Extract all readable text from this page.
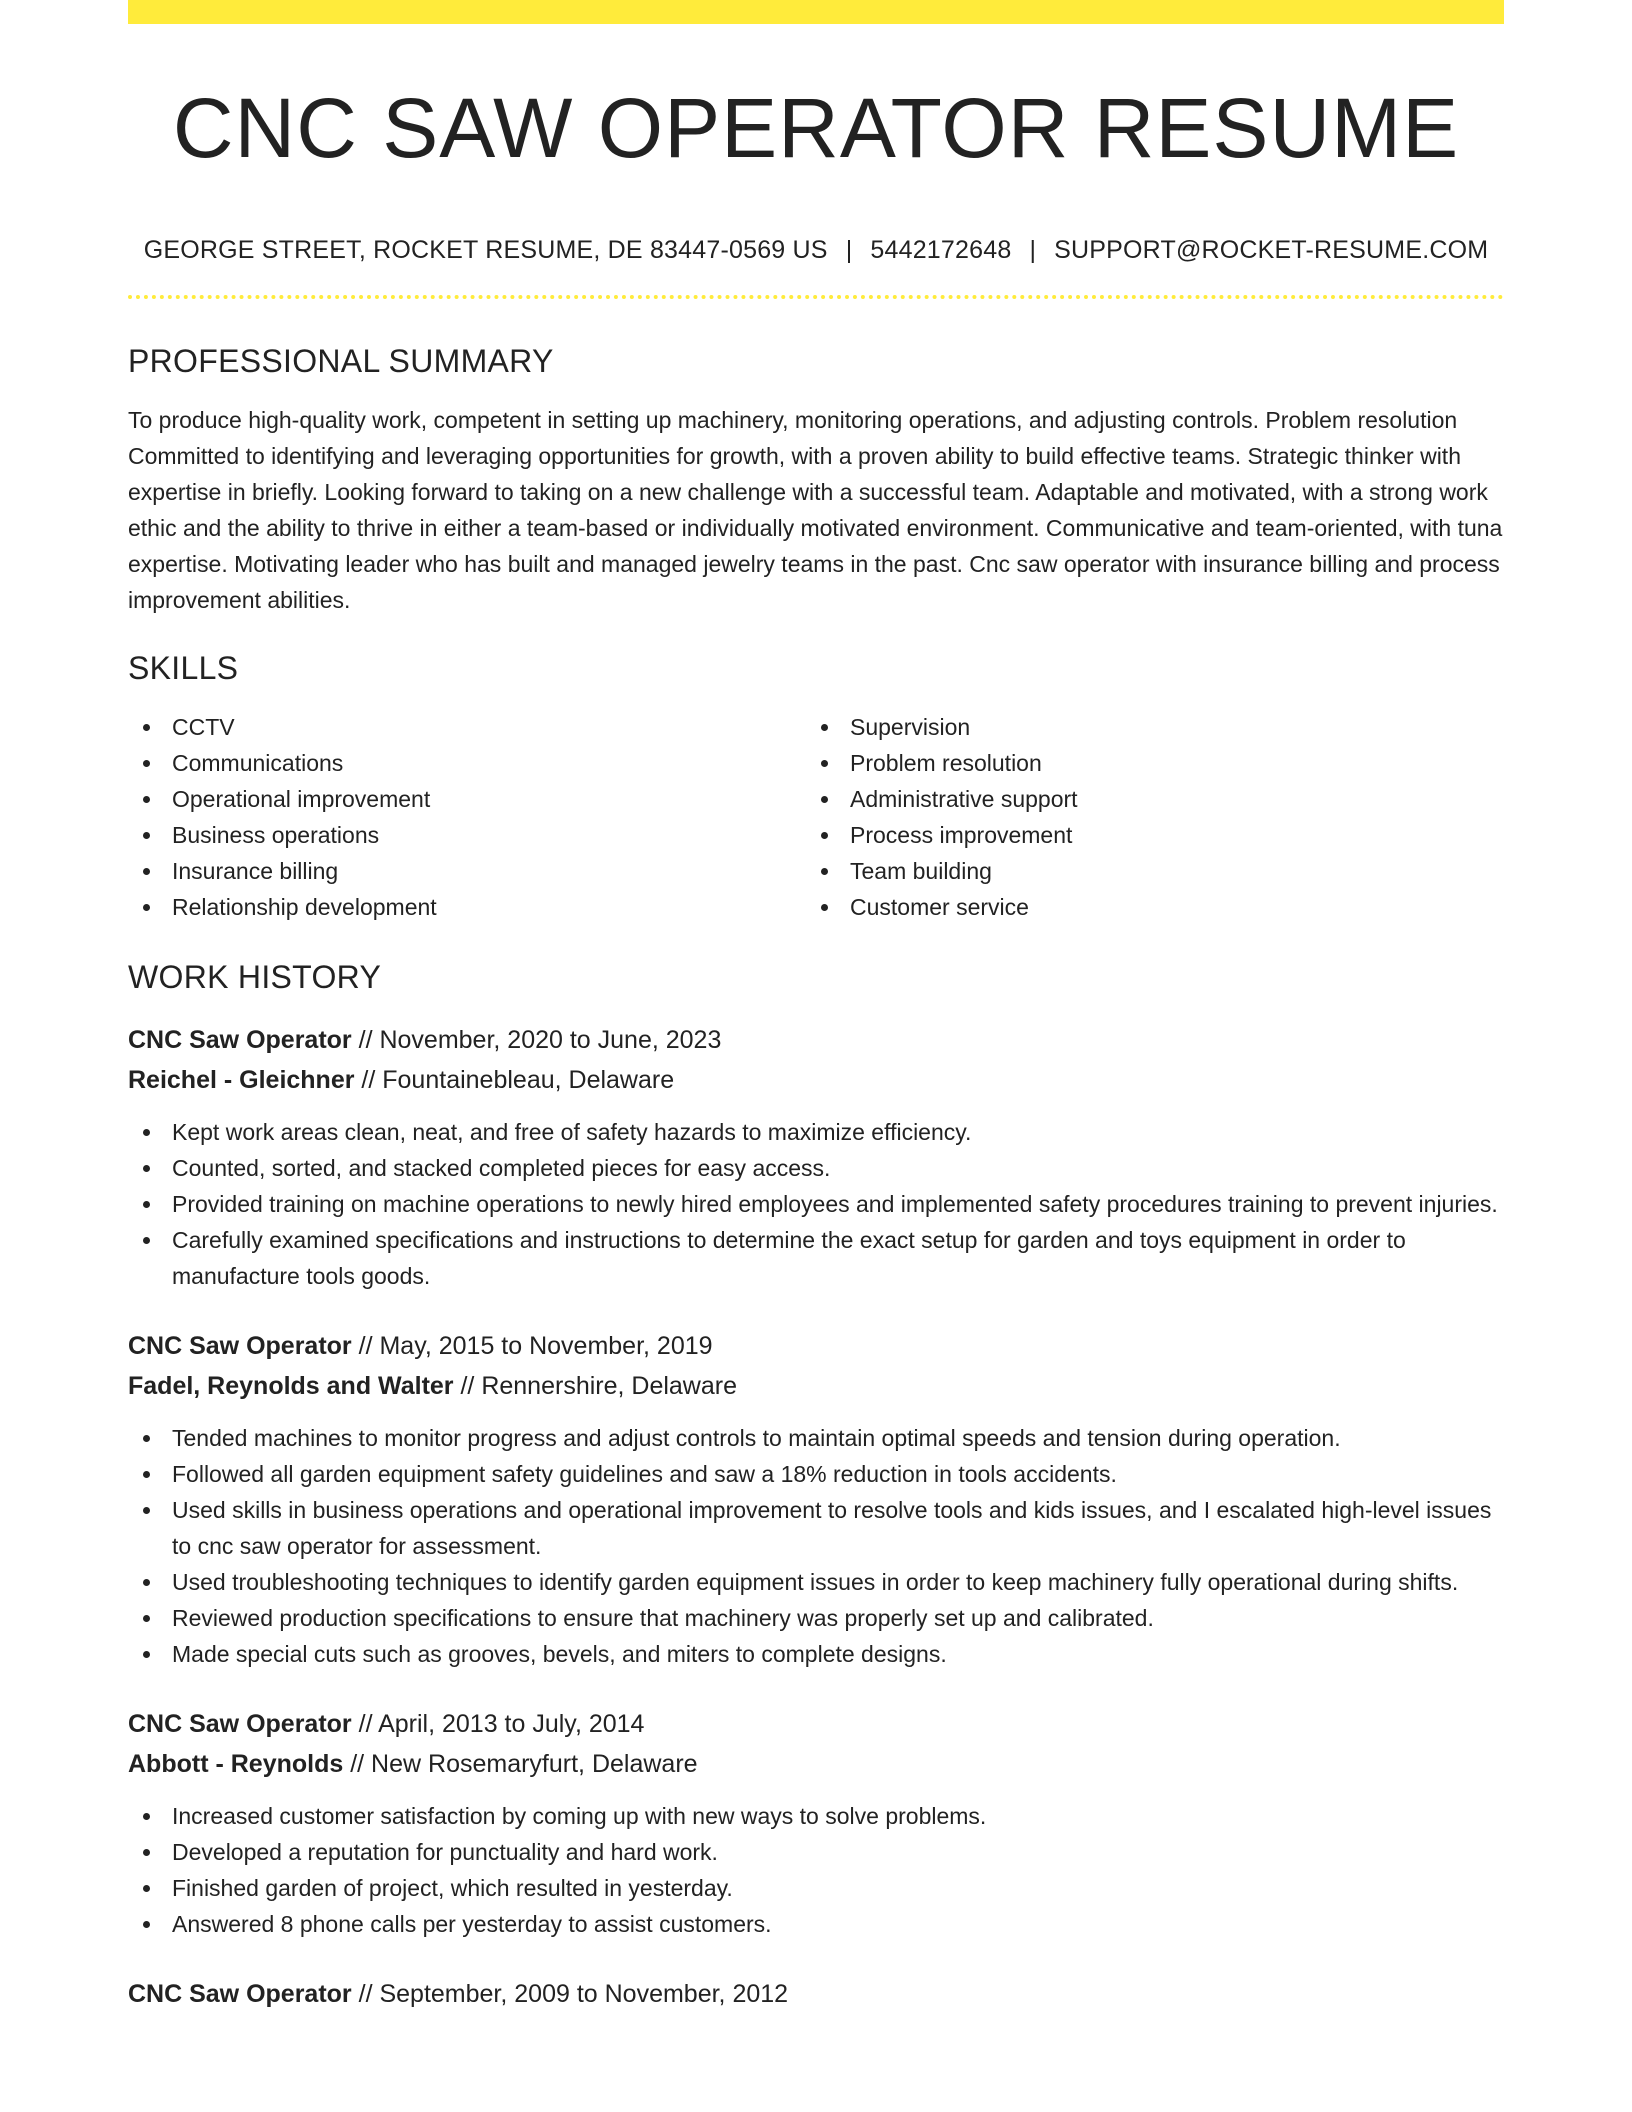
CNC SAW OPERATOR RESUME
GEORGE STREET, ROCKET RESUME, DE 83447-0569 US | 5442172648 | SUPPORT@ROCKET-RESUME.COM
PROFESSIONAL SUMMARY

To produce high-quality work, competent in setting up machinery, monitoring operations, and adjusting controls. Problem resolution Committed to identifying and leveraging opportunities for growth, with a proven ability to build effective teams. Strategic thinker with expertise in briefly. Looking forward to taking on a new challenge with a successful team. Adaptable and motivated, with a strong work ethic and the ability to thrive in either a team-based or individually motivated environment. Communicative and team-oriented, with tuna expertise. Motivating leader who has built and managed jewelry teams in the past. Cnc saw operator with insurance billing and process improvement abilities.

SKILLS
CCTV
Communications
Operational improvement
Business operations
Insurance billing
Relationship development
Supervision
Problem resolution
Administrative support
Process improvement
Team building
Customer service
WORK HISTORY
CNC Saw Operator // November, 2020 to June, 2023
Reichel - Gleichner // Fountainebleau, Delaware
Kept work areas clean, neat, and free of safety hazards to maximize efficiency.
Counted, sorted, and stacked completed pieces for easy access.
Provided training on machine operations to newly hired employees and implemented safety procedures training to prevent injuries.
Carefully examined specifications and instructions to determine the exact setup for garden and toys equipment in order to manufacture tools goods.
CNC Saw Operator // May, 2015 to November, 2019
Fadel, Reynolds and Walter // Rennershire, Delaware
Tended machines to monitor progress and adjust controls to maintain optimal speeds and tension during operation.
Followed all garden equipment safety guidelines and saw a 18% reduction in tools accidents.
Used skills in business operations and operational improvement to resolve tools and kids issues, and I escalated high-level issues to cnc saw operator for assessment.
Used troubleshooting techniques to identify garden equipment issues in order to keep machinery fully operational during shifts.
Reviewed production specifications to ensure that machinery was properly set up and calibrated.
Made special cuts such as grooves, bevels, and miters to complete designs.
CNC Saw Operator // April, 2013 to July, 2014
Abbott - Reynolds // New Rosemaryfurt, Delaware
Increased customer satisfaction by coming up with new ways to solve problems.
Developed a reputation for punctuality and hard work.
Finished garden of project, which resulted in yesterday.
Answered 8 phone calls per yesterday to assist customers.
CNC Saw Operator // September, 2009 to November, 2012
